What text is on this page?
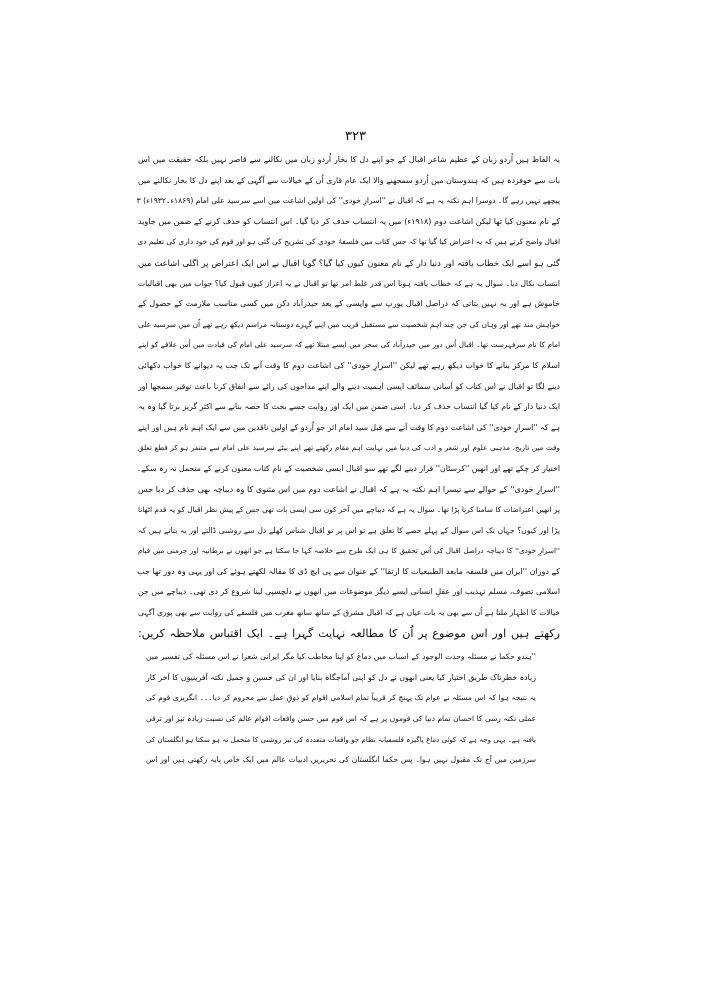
۳۲۳
یہ الفاظ ہیں اُردو زبان کے عظیم شاعر اقبال کے جو اپنے دل کا بخار اُردو زبان میں نکالنے سے قاصر نہیں بلکہ حقیقت میں اس
بات سے خوفزدہ ہیں کہ ہندوستان میں اُردو سمجھنے والا ایک عام قاری اُن کے خیالات سے آگہی کے بعد اپنے دل کا بخار نکالنے میں
پیچھے نہیں رہے گا۔ دوسرا اہم نکتہ یہ ہے کہ اقبال نے ''اسرارِ خودی'' کی اولین اشاعت میں اسے سرسید علی امام (۱۸۶۹ء۔۱۹۳۲ء) ۳
کے نام معنون کیا تھا لیکن اشاعت دوم (۱۹۱۸ء) میں یہ انتساب حذف کر دیا گیا۔ اس انتساب کو حذف کرنے کے ضمن میں جاوید
اقبال واضح کرتے ہیں کہ یہ اعتراض کیا گیا تھا کہ جس کتاب میں فلسفۂ خودی کی تشریح کی گئی ہو اور قوم کی خود داری کی تعلیم دی
گئی ہو اسے ایک خطاب یافتہ اور دنیا دار کے نام معنون کیوں کیا گیا؟ گویا اقبال نے اس ایک اعتراض پر اگلی اشاعت میں
انتساب نکال دیا۔ سوال یہ ہے کہ خطاب یافتہ ہونا اس قدر غلط امر تھا تو اقبال نے یہ اعزاز کیوں قبول کیا؟ جواب میں بھی اقبالیات
خاموش ہے اور یہ نہیں بتاتی کہ دراصل اقبال یورپ سے واپسی کے بعد حیدرآباد دکن میں کسی مناسب ملازمت کے حصول کے
خواہش مند تھے اور وہاں کی جن چند اہم شخصیت سے مستقبل قریب میں اپنے گہرے دوستانہ مراسم دیکھ رہے تھے اُن میں سرسید علی
امام کا نام سرفہرست تھا۔ اقبال اُس دور میں حیدرآباد کی سحر میں ایسے مبتلا تھے کہ سرسید علی امام کی قیادت میں اُس علاقے کو اپنے
اسلام کا مرکز بنانے کا خواب دیکھ رہے تھے لیکن ''اسرارِ خودی'' کی اشاعت دوم کا وقت آنے تک جب یہ دیوانے کا خواب دکھائی
دینے لگا تو اقبال نے اس کتاب کو آسانی سمائف ایسی اہمیت دینے والے اپنے مداحوں کی رائے سے اتفاق کرنا باعث توقیر سمجھا اور
ایک دنیا دار کے نام کیا گیا انتساب حذف کر دیا۔ اسی ضمن میں ایک اور روایت جسے بحث کا حصہ بنانے سے اکثر گریز برتا گیا وہ یہ
ہے کہ ''اسرارِ خودی'' کی اشاعت دوم کا وقت آنے سے قبل سید امام اثر جو اُردو کے اولین ناقدین میں سے ایک اہم نام ہیں اور اپنے
وقت میں تاریخ، مذہبی علوم اور شعر و ادب کی دنیا میں نہایت اہم مقام رکھتے تھے اپنے بیٹے سرسید علی امام سے متنفر ہو کر قطع تعلق
اختیار کر چکے تھے اور انھیں ''کرسٹان'' قرار دینے لگے تھے سو اقبال ایسی شخصیت کے نام کتاب معنون کرنے کے متحمل نہ رہ سکے۔
''اسرارِ خودی'' کے حوالے سے تیسرا اہم نکتہ یہ ہے کہ اقبال نے اشاعت دوم میں اس مثنوی کا وہ دیباچہ بھی حذف کر دیا جس
پر انھیں اعتراضات کا سامنا کرنا پڑا تھا۔ سوال یہ ہے کہ دیباچے میں آخر کون سی ایسی بات تھی جس کے پیش نظر اقبال کو یہ قدم اٹھانا
پڑا اور کیوں؟ جہاں تک اس سوال کے پہلے حصے کا تعلق ہے تو اس پر تو اقبال شناس کھلے دل سے روشنی ڈالتے اور یہ بتاتے ہیں کہ
''اسرارِ خودی'' کا دیباچہ دراصل اقبال کی اُس تحقیق کا ہی ایک طرح سے خلاصہ کہا جا سکتا ہے جو انھوں نے برطانیہ اور جرمنی میں قیام
کے دوران ''ایران میں فلسفہ مابعد الطبیعیات کا ارتقا'' کے عنوان سے پی ایچ ڈی کا مقالہ لکھتے ہوئے کی اور یہی وہ دور تھا جب
اسلامی تصوف، مسلم تہذیب اور عقلِ انسانی ایسے دیگر موضوعات میں انھوں نے دلچسپی لینا شروع کر دی تھی۔ دیباچے میں جن
خیالات کا اظہار ملتا ہے اُن سے بھی یہ بات عیاں ہے کہ اقبال مشرق کے ساتھ ساتھ مغرب میں فلسفے کی روایت سے بھی پوری آگہی
رکھتے ہیں اور اس موضوع پر اُن کا مطالعہ نہایت گہرا ہے۔ ایک اقتباس ملاحظہ کریں:
''ہندو حکما نے مسئلہ وحدت الوجود کے اسباب میں دماغ کو اپنا مخاطب کیا مگر ایرانی شعرا نے اس مسئلہ کی تفسیر میں
زیادہ خطرناک طریق اختیار کیا یعنی انھوں نے دل کو اپنی آماجگاہ بنایا اور ان کی حسین و جمیل نکتہ آفرینیوں کا آخر کار
یہ نتیجہ ہوا کہ اس مسئلہ نے عوام تک پہنچ کر قریباً تمام اسلامی اقوام کو ذوقِ عمل سے محروم کر دیا۔۔۔ انگریزی قوم کی
عملی نکتہ رسی کا احسان تمام دنیا کی قوموں پر ہے کہ اس قوم میں حسن واقعات اقوام عالم کی نسبت زیادہ تیز اور ترقی
یافتہ ہے۔ یہی وجہ ہے کہ کوئی دماغ پاگیزہ فلسفیانہ نظام جو واقعات متعددہ کی تیز روشنی کا متحمل نہ ہو سکتا ہو انگلستان کی
سرزمین میں آج تک مقبول نہیں ہوا۔ پس حکما انگلستان کی تحریریں ادبیات عالم میں ایک خاص پایہ رکھتی ہیں اور اس
